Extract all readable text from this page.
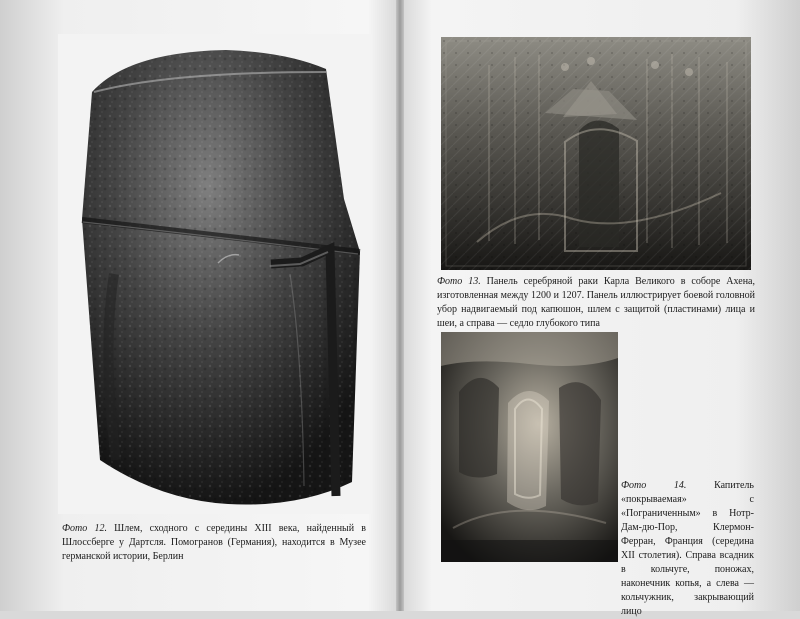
Фото 13. Панель серебряной раки Карла Великого в соборе Ахена, изготовленная между 1200 и 1207. Панель иллюстрирует боевой головной убор надвигаемый под капюшон, шлем с защитой (пластинами) лица и шеи, а справа — седло глубокого типа
Фото 14.	Капитель «покрываемая» с «Пограниченным» в Нотр-Дам-дю-Пор, Клермон-Ферран, Франция (середина XII столетия). Справа всадник в кольчуге, поножах, наконечник копья, а слева — кольчужник, закрывающий лицо
Фото 12. Шлем, сходного с середины XIII века, найденный в Шлоссберге у Дартсля. Помогранов (Германия), находится в Музее германской истории, Берлин
